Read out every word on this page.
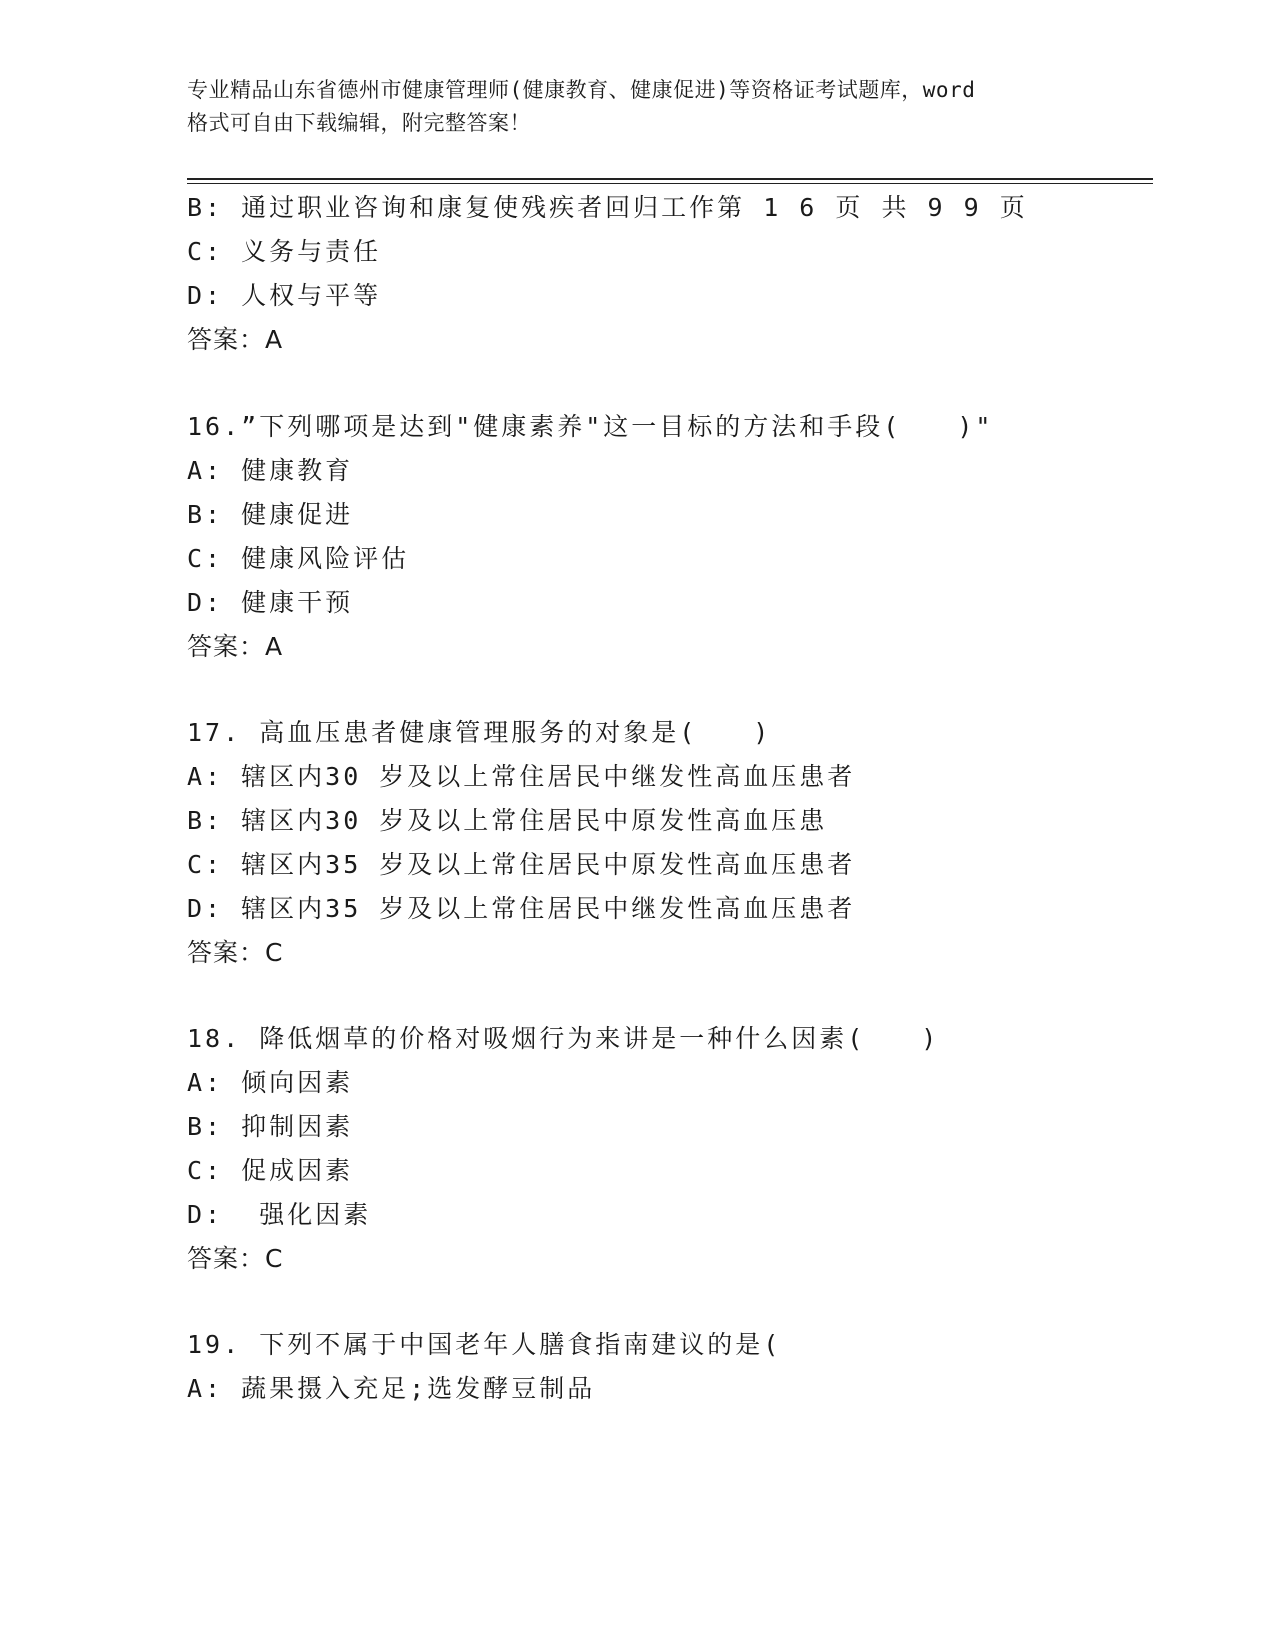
专业精品山东省德州市健康管理师(健康教育、健康促进)等资格证考试题库，word
格式可自由下载编辑，附完整答案！
B: 通过职业咨询和康复使残疾者回归工作第 1 6 页 共 9 9 页
C: 义务与责任
D: 人权与平等
答案：A
16.”下列哪项是达到"健康素养"这一目标的方法和手段(　　)"
A: 健康教育
B: 健康促进
C: 健康风险评估
D: 健康干预
答案：A
17. 高血压患者健康管理服务的对象是(　　)
A: 辖区内30 岁及以上常住居民中继发性高血压患者
B: 辖区内30 岁及以上常住居民中原发性高血压患
C: 辖区内35 岁及以上常住居民中原发性高血压患者
D: 辖区内35 岁及以上常住居民中继发性高血压患者
答案：C
18. 降低烟草的价格对吸烟行为来讲是一种什么因素(　　)
A: 倾向因素
B: 抑制因素
C: 促成因素
D:  强化因素
答案：C
19. 下列不属于中国老年人膳食指南建议的是(
A: 蔬果摄入充足;选发酵豆制品
